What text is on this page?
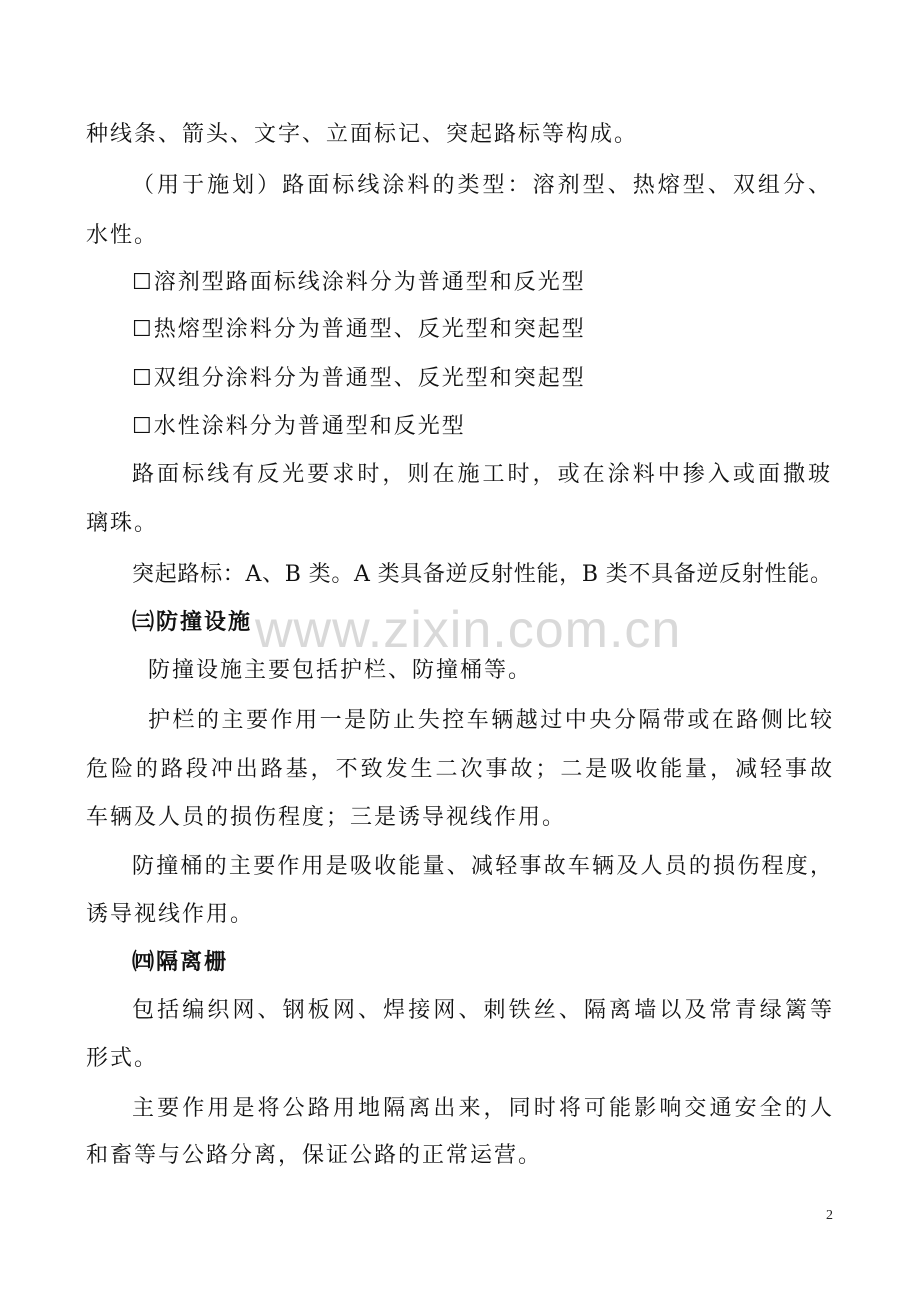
种线条、箭头、文字、立面标记、突起路标等构成。
（用于施划）路面标线涂料的类型：溶剂型、热熔型、双组分、
水性。
☐溶剂型路面标线涂料分为普通型和反光型
☐热熔型涂料分为普通型、反光型和突起型
☐双组分涂料分为普通型、反光型和突起型
☐水性涂料分为普通型和反光型
路面标线有反光要求时，则在施工时，或在涂料中掺入或面撒玻
璃珠。
突起路标：A、B 类。A 类具备逆反射性能，B 类不具备逆反射性能。
㈢防撞设施
防撞设施主要包括护栏、防撞桶等。
护栏的主要作用一是防止失控车辆越过中央分隔带或在路侧比较
危险的路段冲出路基，不致发生二次事故；二是吸收能量，减轻事故
车辆及人员的损伤程度；三是诱导视线作用。
防撞桶的主要作用是吸收能量、减轻事故车辆及人员的损伤程度，
诱导视线作用。
㈣隔离栅
包括编织网、钢板网、焊接网、刺铁丝、隔离墙以及常青绿篱等
形式。
主要作用是将公路用地隔离出来，同时将可能影响交通安全的人
和畜等与公路分离，保证公路的正常运营。
www.zixin.com.cn
2
